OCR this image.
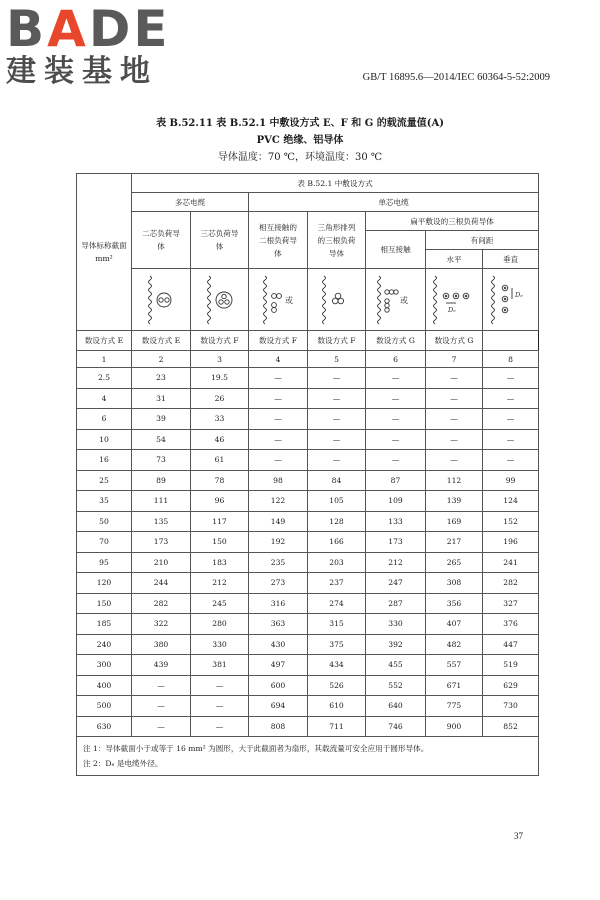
BADE
建装基地	GB/T 16895.6—2014/IEC 60364-5-52:2009
表 B.52.11 表 B.52.1 中敷设方式 E、F 和 G 的载流量值(A)
PVC 绝缘、铝导体
导体温度：70 ℃，环境温度：30 ℃
导体标称截面 mm²	表 B.52.1 中敷设方式						
	多芯电缆		单芯电缆				

	二芯负荷导体	三芯负荷导体	相互接触的二根负荷导体	三角形排列的三根负荷导体	扁平敷设的三根负荷导体		
					相互接触	有间距	
						水平	垂直

或		或	Dₑ	Dₑ

数设方式 E	数设方式 E	数设方式 F	数设方式 F	数设方式 F	数设方式 G	数设方式 G	
1	2	3	4	5	6	7	8
2.5	23	19.5	—	—	—	—	—
4	31	26	—	—	—	—	—
6	39	33	—	—	—	—	—
10	54	46	—	—	—	—	—
16	73	61	—	—	—	—	—
25	89	78	98	84	87	112	99
35	111	96	122	105	109	139	124
50	135	117	149	128	133	169	152
70	173	150	192	166	173	217	196
95	210	183	235	203	212	265	241
120	244	212	273	237	247	308	282
150	282	245	316	274	287	356	327
185	322	280	363	315	330	407	376
240	380	330	430	375	392	482	447
300	439	381	497	434	455	557	519
400	—	—	600	526	552	671	629
500	—	—	694	610	640	775	730
630	—	—	808	711	746	900	852

注 1：导体截面小于或等于 16 mm² 为圆形，大于此截面者为扇形，其载流量可安全应用于圆形导体。
注 2：Dₑ 是电缆外径。							
37
